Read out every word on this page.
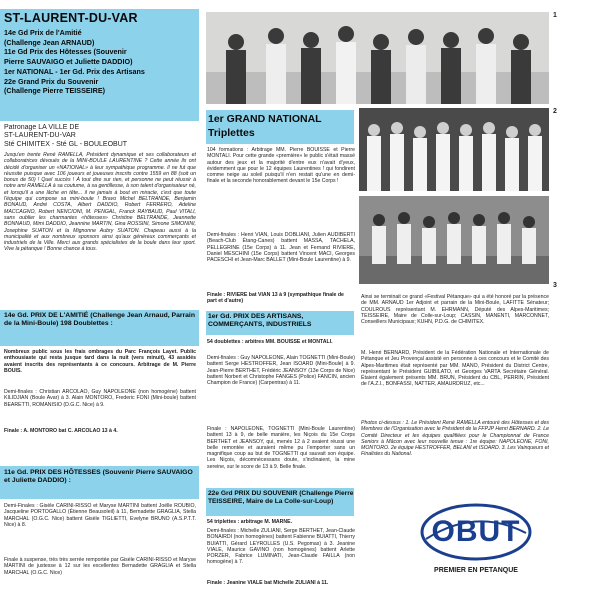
ST-LAURENT-DU-VAR
14e Gd Prix de l'Amitié
(Challenge Jean ARNAUD)
11e Gd Prix des Hôtesses (Souvenir
Pierre SAUVAIGO et Juliette DADDIO)
1er NATIONAL - 1er Gd. Prix des Artisans
22e Grand Prix du Souvenir
(Challenge Pierre TEISSEIRE)
Patronage LA VILLE DE
ST-LAURENT-DU-VAR
Sté CHIMITEX - Sté GL - BOULEOBUT
Jusqu'en trente René RAMELLA, Président dynamique et ses collaborateurs et collaboratrices dévoués de la MINI-BOULE LAURENTINE ? Cette année ils ont décidé d'organiser un «NATIONAL» à leur sympathique programme. Il ne fut que réussite puisque avec 106 joueurs et joueuses inscrits contre 1559 en 88 (soit un bonus de 50) ! Quel succès ! À tout dire sur rien, et personne ne peut réussir à notre ami RAMELLA à sa coutume, à sa gentillesse, à son talent d'organisateur né, et lorsqu'il a une lâche en tête... il ne jamais à bout en miracle, c'est que toute l'équipe qui compose sa mini-boule ! Bravo Michel BELTRANDE, Benjamin BONAUD, André COSTA, Albert DADDIO, Robert FERRERO, Adeline MACCAGNO, Robert NENCIONI, M. PENGAL, Franck RAYBAUD, Paul VITALI, sans oublier les charmantes «hôtesses» Christine BELTRANDE, Jeannette BONNAUD, Mimi DADDIO, Jeannine MARTIN, Gina ROSSINI, Simone SIMONINI, Josephine SUATON et la Mignonne Aubry SUATON. Chapeau aussi à la municipalité et aux nombreux sponsors ainsi qu'aux généreux commerçants et industriels de la Ville. Merci aux grands spécialistes de la boule dans leur sport. Vive la pétanque ! Bonne chance à tous.
14e Gd. PRIX DE L'AMITIÉ (Challenge Jean Arnaud, Parrain de la Mini-Boule) 198 Doublettes :
Nombreux public sous les frais ombrages du Parc François Layet. Public enthousiaste qui resta jusque tard dans la nuit (vers minuit), 43 assidés avaient inscrits des représentants à ce concours. Arbitrage de M. Pierre BOUIS.
Demi-finales : Christian ARCOLAO, Guy NAPOLEONE (non homogène) battent KILIDJIAN (Boule Avar) à 3. Alain MONTORO, Frederic FONI (Mini-boule) battent BEARETTI, ROMANISIO (D.G.C. Nice) à 9.
Finale : A. MONTORO bat C. ARCOLAO 13 à 4.
11e Gd. PRIX DES HÔTESSES (Souvenir Pierre SAUVAIGO et Juliette DADDIO) :
Demi-Finales : Gisèle CARINI-RISSO et Maryse MARTINI battent Joëlle ROUBIO, Jacqueline PORTOGALLO (Étienne Beausoleil) à 11, Bernadette GRAGLIA, Stella MARCHAL (O.G.C. Nice) battent Gisèle TIGLIETTI, Evelyne BRUNO (A.S.P.T.T. Nice) à 8.
Finale à suspense, très très serrée remportée par Gisèle CARINI-RISSO et Maryse MARTINI de justesse à 12 sur les excellentes Bernadette GRAGLIA et Stella MARCHAL (O.G.C. Nice)
1
2
3
1er GRAND NATIONAL
Triplettes
104 formations : Arbitrage MM. Pierre BOUISSE et Pierre MONTALI. Pour cette grande «première» le public s'était massé autour des jeux et la majorité d'entre eux n'avait d'yeux, évidemment que pour le 12 équipes Laurentines ! qui fondirent comme neige au soleil puisqu'il n'en restait qu'une en demi-finale et la seconde honorablement devant le 15e Corps !
Demi-finales : Henri VIAN, Louis DOBLIANI, Julien AUDIBERTI (Beach-Club Étang-Canes) battent MASSA, TACHELA, PELLEGRINE (15e Corps) à 11. Jean et Fernand RIVIERE, Daniel MESCHINI (15e Corps) battent Vincent MACI, Georges PACESCHI et Jean-Marc BALLET (Mini-Boule Laurentine) à 9.
Finale : RIVIERE bat VIAN 13 à 9 (sympathique finale de part et d'autre)
1er Gd. PRIX DES ARTISANS, COMMERÇANTS, INDUSTRIELS
54 doublettes : arbitres MM. BOUISSE et MONTALI.
Demi-finales : Guy NAPOLEONE, Alain TOGNETTI (Mini-Boule) battent Serge HESTROFFER, Jean ISOARD (Mini-Boule) à 9. Jean-Pierre BERTHET, Frédéric JEANSOY (13e Corps de Nice) battent Norbert et Christophe FANGES (Police) FANCIN, ancien Champion de France) (Carpentras) à 11.
Finale : NAPOLEONE, TOGNETTI (Mini-Boule Laurentine) battent 13 à 9, de belle manière, les Niçois du 15e Corps BERTHET et JEANSOY, qui, menés 12 à 2 avaient réussi une belle remontée et auraient même pu l'emporter sans un magnifique coup au but de TOGNETTI qui sauvait son équipe. Les Niçois, décomnécessans doute, s'inclinaient, la mine sereine, sur le score de 13 à 9. Belle finale.
22e Grd PRIX DU SOUVENIR (Challenge Pierre TEISSEIRE, Maire de La Colle-sur-Loup)
54 triplettes : arbitrage M. MARNE.
Demi-finales : Michelle ZULIANI, Serge BERTHET, Jean-Claude BONAIRDI (non homogènes) battent Fabienne BUIATTI, Thierry BUIATTI, Gérard LEYROLLES (U.S. Pegomas) à 3. Jeanine VIALE, Maurice GAVINO (non homogènes) battent Arlette PORZER, Fabrice LUMINATI, Jean-Claude FAILLA (non homogène) à 7.
Finale : Jeanine VIALE bat Michelle ZULIANI à 11.
Ainsi se terminait ce grand «Festival Pétanque» qui a été honoré par la présence de MM. ARNAUD 1er Adjoint et parrain de la Mini-Boule, LAFITTE Sénateur; COULROUS représentant M. EHRMANN, Député des Alpes-Maritimes; TEISSEIRE, Maire de Colle-sur-Loup; CASSIN, MANENTI, MARCONNET, Conseillers Municipaux; KUHN, P.D.G. de CHIMITEX.
M. Henri BERNARD, Président de la Fédération Nationale et Internationale de Pétanque et Jeu Provençal assisté en personne à ces concours et le Comité des Alpes-Maritimes était représenté par MM. MANO, Président du District Centre, représentant le Président GUIBILATO, et Georges VARTA Secrétaire Général. Étaient également présents MM. BRUN, Président du CBL, PERRIN, Président de l'A.Z.I., BONFASSI, NATTER, AMAURDRUZ, etc...
Photos ci-dessus : 1. Le Président René RAMELLA entouré des Hôtesses et des Membres de l'Organisation avec le Président de la FFPJP Henri BERNARD. 2. Le Comité Directeur et les équipes qualifiées pour le Championnat de France Seniors à Mâcon avec leur nouvelle tenue : 1re équipe: NAPOLEONE, FONI, MONTORO. 2e équipe HESTROFFER, BELANI et ISOARD. 3. Les Vainqueurs et Finalistes du National.
OBUT
PREMIER EN PETANQUE
